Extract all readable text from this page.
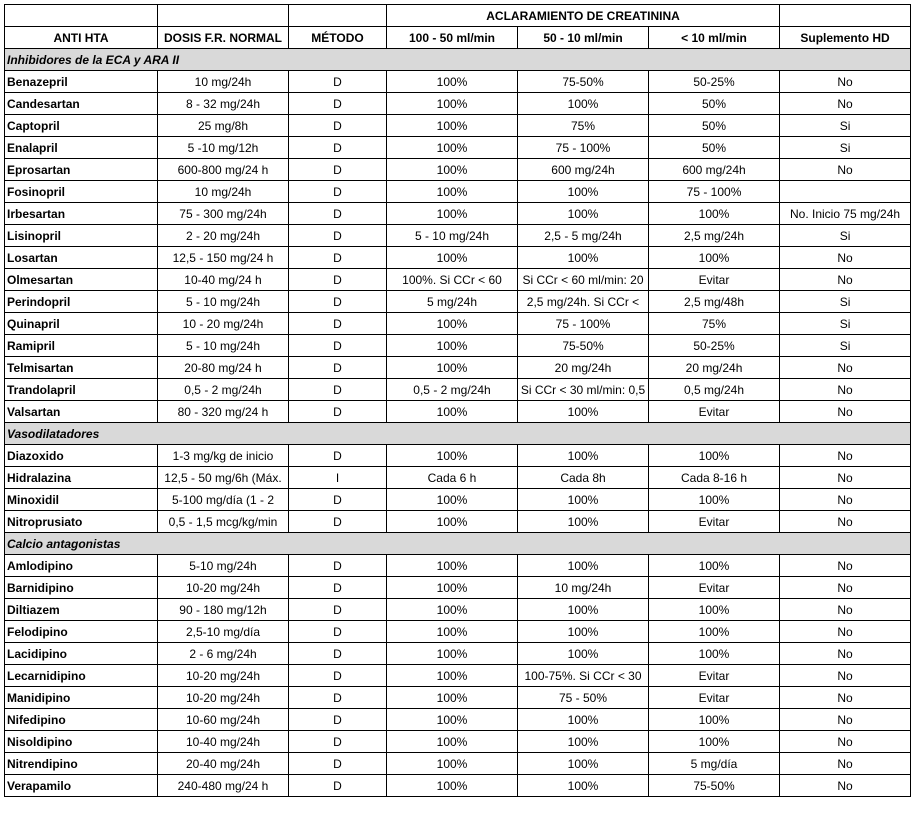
			ACLARAMIENTO DE CREATININA			
ANTI HTA	DOSIS F.R. NORMAL	MÉTODO	100 - 50 ml/min	50 - 10 ml/min	< 10 ml/min	Suplemento HD
Inhibidores de la ECA y ARA II						
Benazepril	10 mg/24h	D	100%	75-50%	50-25%	No
Candesartan	8 - 32 mg/24h	D	100%	100%	50%	No
Captopril	25 mg/8h	D	100%	75%	50%	Si
Enalapril	5 -10 mg/12h	D	100%	75 - 100%	50%	Si
Eprosartan	600-800 mg/24 h	D	100%	600 mg/24h	600 mg/24h	No
Fosinopril	10 mg/24h	D	100%	100%	75 - 100%	
Irbesartan	75 - 300 mg/24h	D	100%	100%	100%	No. Inicio 75 mg/24h
Lisinopril	2 - 20 mg/24h	D	5 - 10 mg/24h	2,5 - 5 mg/24h	2,5 mg/24h	Si
Losartan	12,5 - 150 mg/24 h	D	100%	100%	100%	No
Olmesartan	10-40 mg/24 h	D	100%. Si CCr < 60	Si CCr < 60 ml/min: 20	Evitar	No
Perindopril	5 - 10 mg/24h	D	5 mg/24h	2,5 mg/24h. Si CCr <	2,5 mg/48h	Si
Quinapril	10 - 20 mg/24h	D	100%	75 - 100%	75%	Si
Ramipril	5 - 10 mg/24h	D	100%	75-50%	50-25%	Si
Telmisartan	20-80 mg/24 h	D	100%	20 mg/24h	20 mg/24h	No
Trandolapril	0,5 - 2 mg/24h	D	0,5 - 2 mg/24h	Si CCr < 30 ml/min: 0,5	0,5 mg/24h	No
Valsartan	80 - 320 mg/24 h	D	100%	100%	Evitar	No
Vasodilatadores						
Diazoxido	1-3 mg/kg de inicio	D	100%	100%	100%	No
Hidralazina	12,5 - 50 mg/6h (Máx.	I	Cada 6 h	Cada 8h	Cada 8-16 h	No
Minoxidil	5-100 mg/día (1 - 2	D	100%	100%	100%	No
Nitroprusiato	0,5 - 1,5 mcg/kg/min	D	100%	100%	Evitar	No
Calcio antagonistas						
Amlodipino	5-10 mg/24h	D	100%	100%	100%	No
Barnidipino	10-20 mg/24h	D	100%	10 mg/24h	Evitar	No
Diltiazem	90 - 180 mg/12h	D	100%	100%	100%	No
Felodipino	2,5-10 mg/día	D	100%	100%	100%	No
Lacidipino	2 - 6 mg/24h	D	100%	100%	100%	No
Lecarnidipino	10-20 mg/24h	D	100%	100-75%. Si CCr < 30	Evitar	No
Manidipino	10-20 mg/24h	D	100%	75 - 50%	Evitar	No
Nifedipino	10-60 mg/24h	D	100%	100%	100%	No
Nisoldipino	10-40 mg/24h	D	100%	100%	100%	No
Nitrendipino	20-40 mg/24h	D	100%	100%	5 mg/día	No
Verapamilo	240-480 mg/24 h	D	100%	100%	75-50%	No
